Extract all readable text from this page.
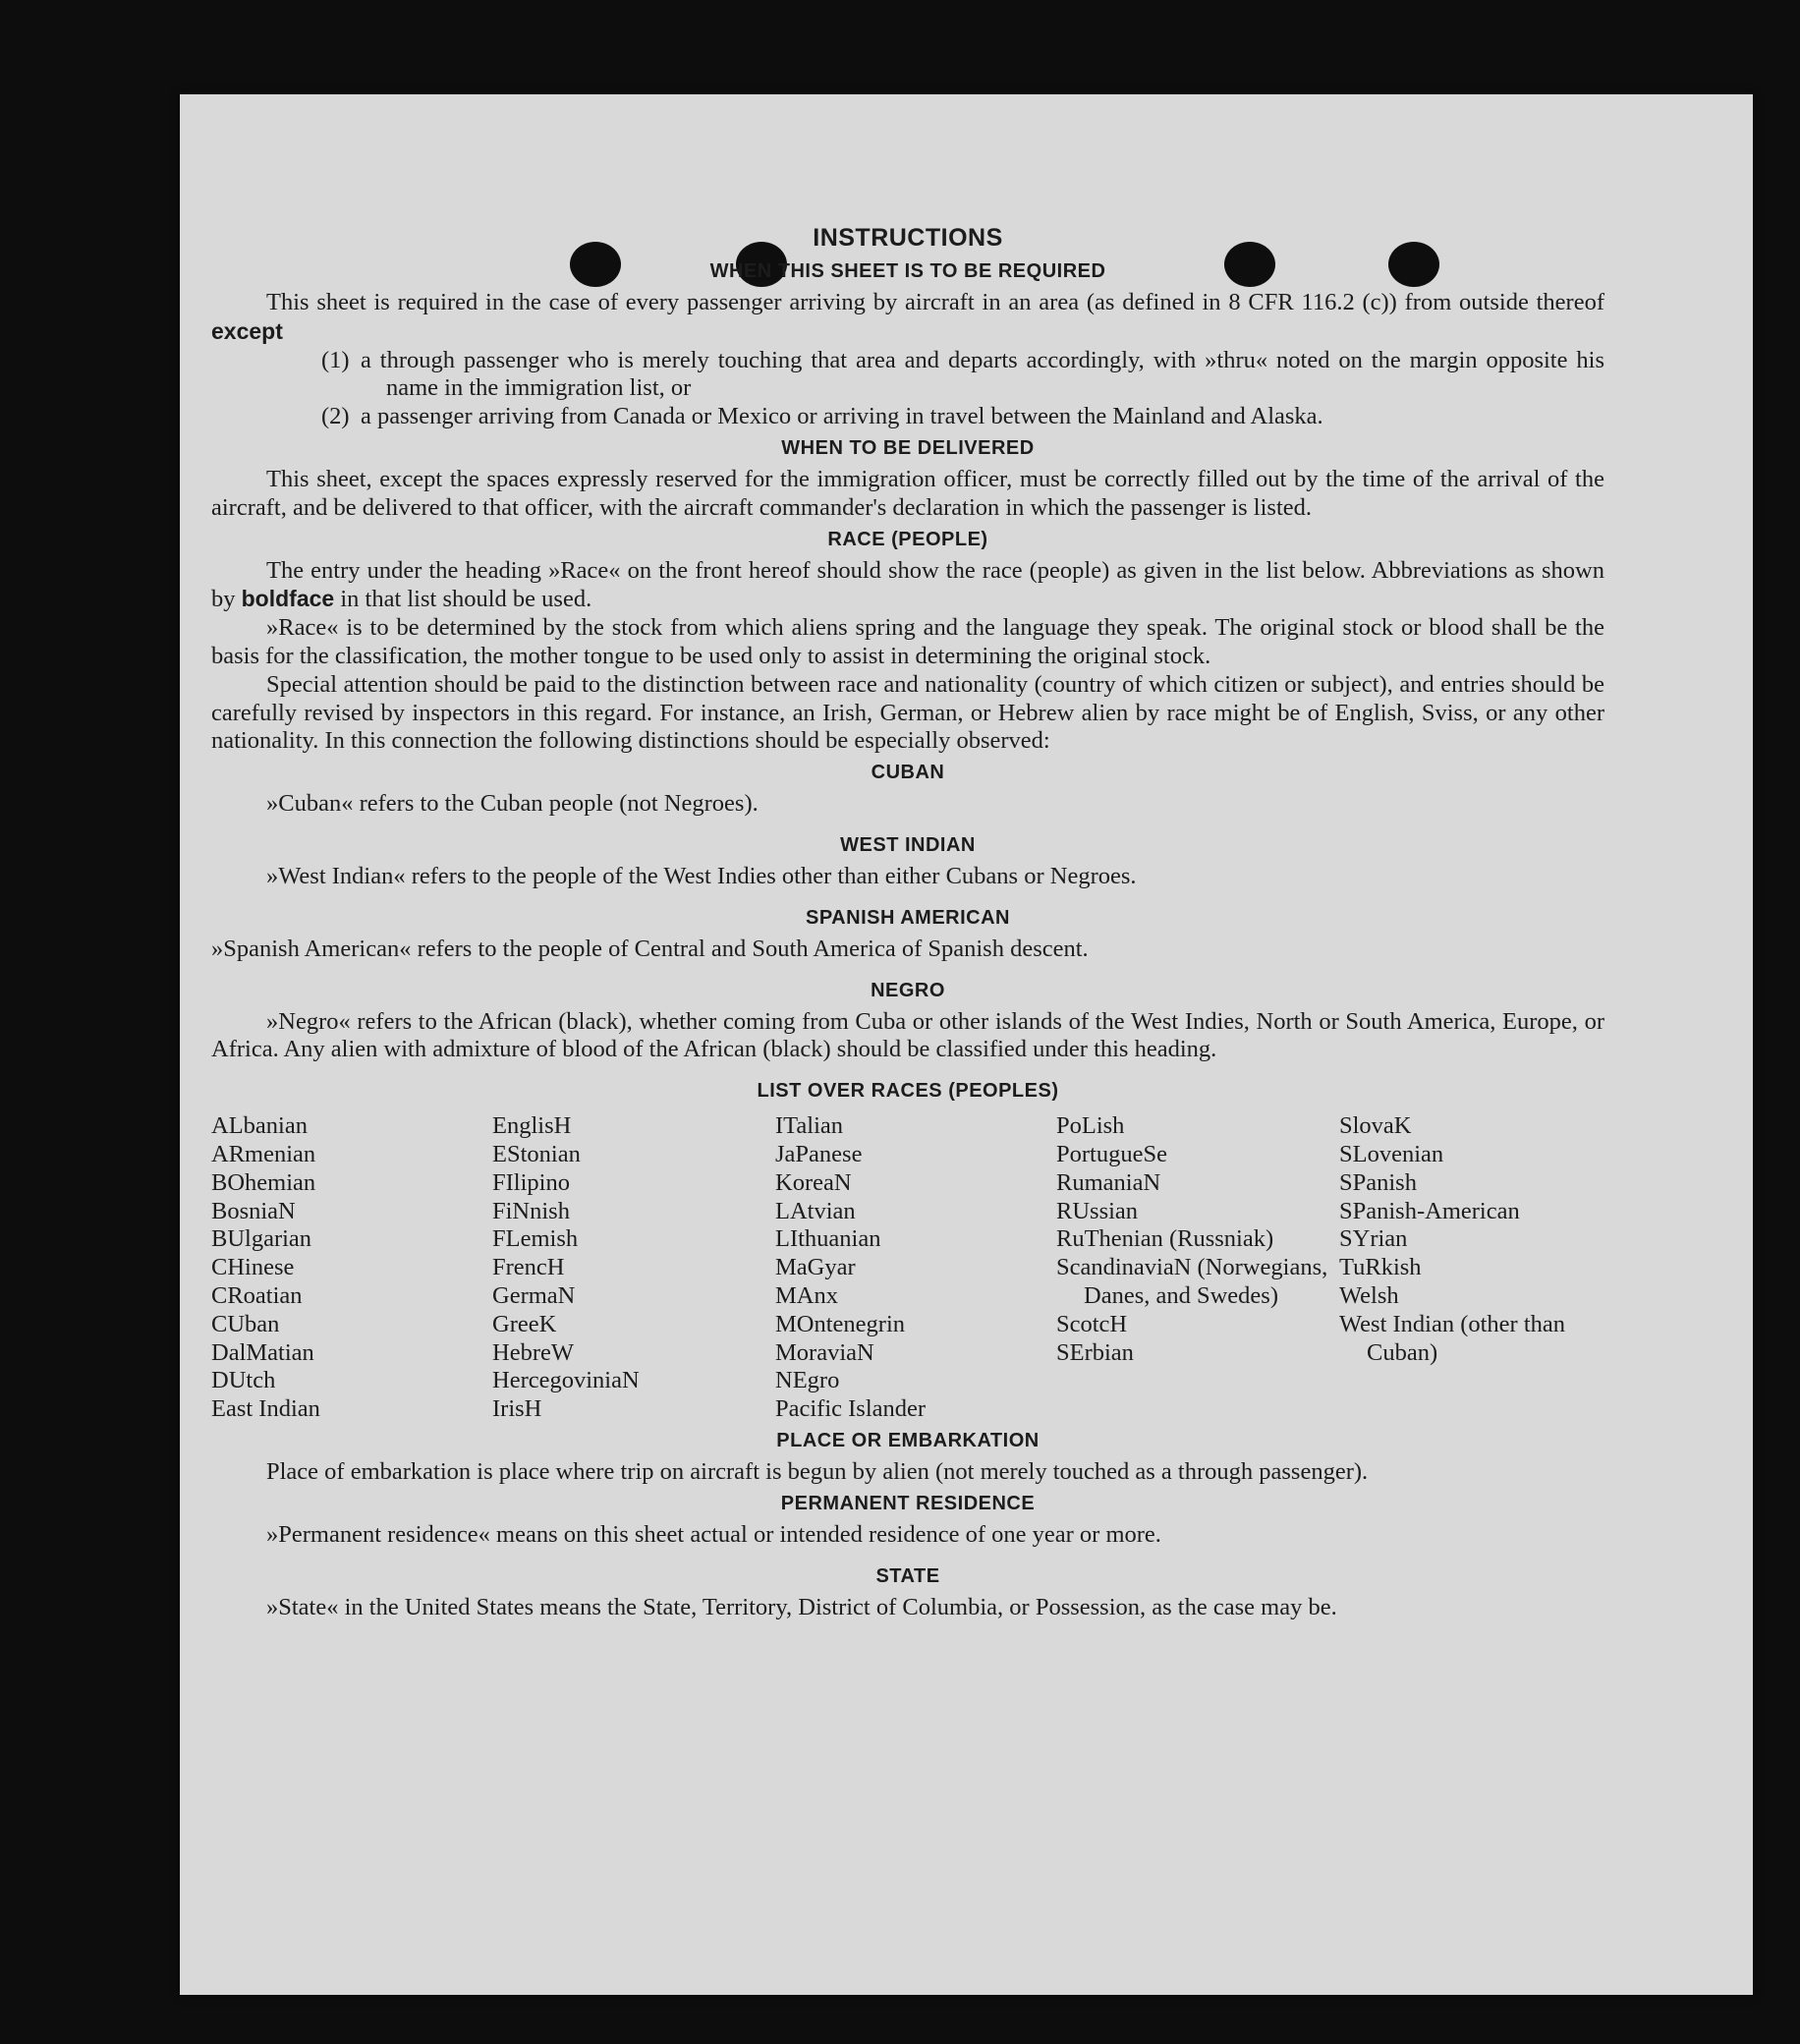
INSTRUCTIONS
WHEN THIS SHEET IS TO BE REQUIRED

This sheet is required in the case of every passenger arriving by aircraft in an area (as defined in 8 CFR 116.2 (c)) from outside thereof except

(1) a through passenger who is merely touching that area and departs accordingly, with »thru« noted on the margin opposite his name in the immigration list, or
(2) a passenger arriving from Canada or Mexico or arriving in travel between the Mainland and Alaska.
WHEN TO BE DELIVERED

This sheet, except the spaces expressly reserved for the immigration officer, must be correctly filled out by the time of the arrival of the aircraft, and be delivered to that officer, with the aircraft commander's declaration in which the passenger is listed.

RACE (PEOPLE)

The entry under the heading »Race« on the front hereof should show the race (people) as given in the list below. Abbreviations as shown by boldface in that list should be used.

»Race« is to be determined by the stock from which aliens spring and the language they speak. The original stock or blood shall be the basis for the classification, the mother tongue to be used only to assist in determining the original stock.

Special attention should be paid to the distinction between race and nationality (country of which citizen or subject), and entries should be carefully revised by inspectors in this regard. For instance, an Irish, German, or Hebrew alien by race might be of English, Sviss, or any other nationality. In this connection the following distinctions should be especially observed:

CUBAN

»Cuban« refers to the Cuban people (not Negroes).

WEST INDIAN

»West Indian« refers to the people of the West Indies other than either Cubans or Negroes.

SPANISH AMERICAN

»Spanish American« refers to the people of Central and South America of Spanish descent.

NEGRO

»Negro« refers to the African (black), whether coming from Cuba or other islands of the West Indies, North or South America, Europe, or Africa. Any alien with admixture of blood of the African (black) should be classified under this heading.

LIST OVER RACES (PEOPLES)
ALbanian
ARmenian
BOhemian
BosniaN
BUlgarian
CHinese
CRoatian
CUban
DalMatian
DUtch
East Indian
EnglisH
EStonian
FIlipino
FiNnish
FLemish
FrencH
GermaN
GreeK
HebreW
HercegoviniaN
IrisH
ITalian
JaPanese
KoreaN
LAtvian
LIthuanian
MaGyar
MAnx
MOntenegrin
MoraviaN
NEgro
Pacific Islander
PoLish
PortugueSe
RumaniaN
RUssian
RuThenian (Russniak)
ScandinaviaN (Norwegians, Danes, and Swedes)
ScotcH
SErbian
SlovaK
SLovenian
SPanish
SPanish-American
SYrian
TuRkish
Welsh
West Indian (other than Cuban)
PLACE OR EMBARKATION

Place of embarkation is place where trip on aircraft is begun by alien (not merely touched as a through passenger).

PERMANENT RESIDENCE

»Permanent residence« means on this sheet actual or intended residence of one year or more.

STATE

»State« in the United States means the State, Territory, District of Columbia, or Possession, as the case may be.
